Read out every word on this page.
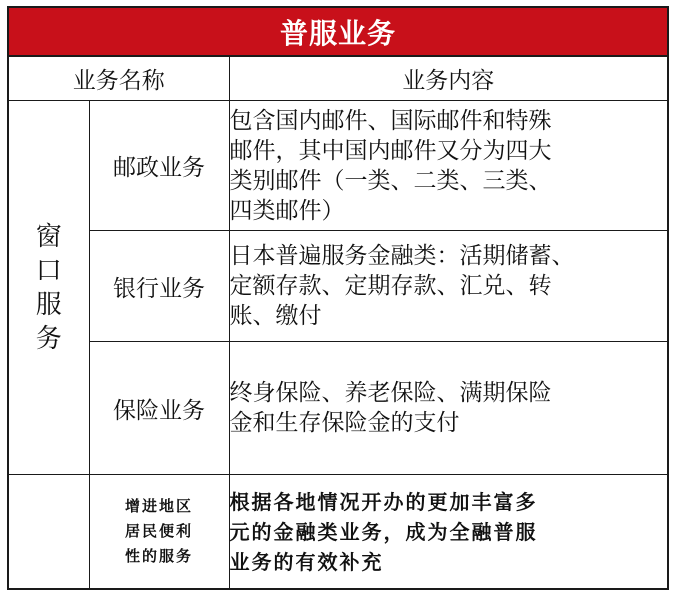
普服业务
业务名称		业务内容

窗
口
服
务	邮政业务	包含国内邮件、国际邮件和特殊
邮件，其中国内邮件又分为四大
类别邮件（一类、二类、三类、
四类邮件）

	银行业务	日本普遍服务金融类：活期储蓄、
定额存款、定期存款、汇兑、转
账、缴付

	保险业务	终身保险、养老保险、满期保险
金和生存保险金的支付

	增进地区
居民便利
性的服务	根据各地情况开办的更加丰富多
元的金融类业务，成为全融普服
业务的有效补充
